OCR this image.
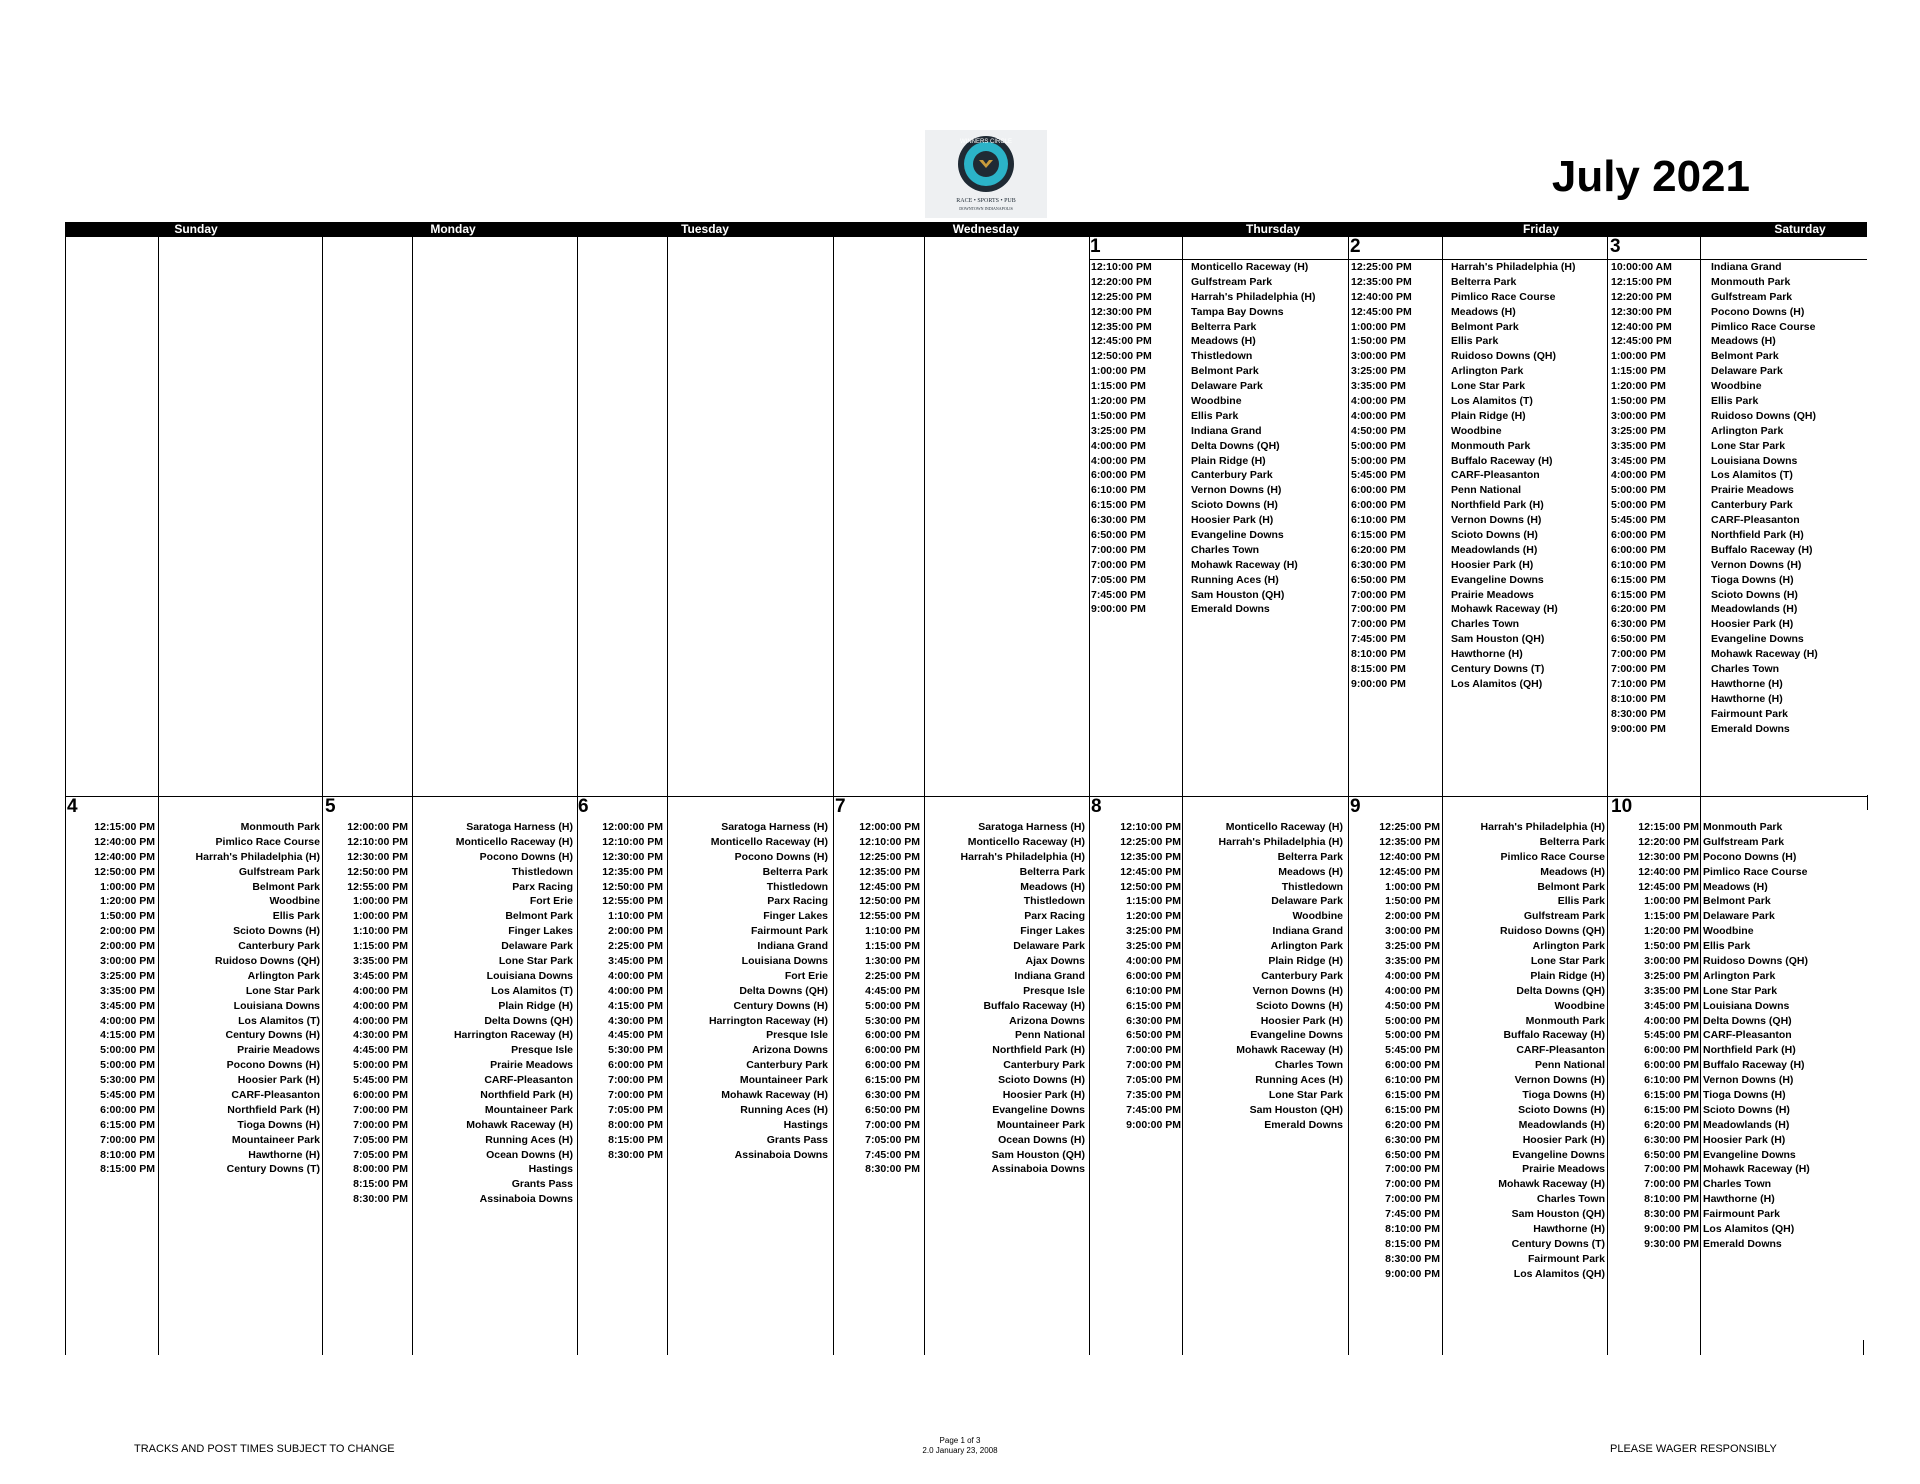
WINNERS CIRCLE
RACE • SPORTS • PUB
DOWNTOWN INDIANAPOLIS
July 2021
Sunday	Monday	Tuesday	Wednesday	Thursday	Friday	Saturday
1
12:10:00 PM	Monticello Raceway (H)
12:20:00 PM	Gulfstream Park
12:25:00 PM	Harrah's Philadelphia (H)
12:30:00 PM	Tampa Bay Downs
12:35:00 PM	Belterra Park
12:45:00 PM	Meadows (H)
12:50:00 PM	Thistledown
1:00:00 PM	Belmont Park
1:15:00 PM	Delaware Park
1:20:00 PM	Woodbine
1:50:00 PM	Ellis Park
3:25:00 PM	Indiana Grand
4:00:00 PM	Delta Downs (QH)
4:00:00 PM	Plain Ridge (H)
6:00:00 PM	Canterbury Park
6:10:00 PM	Vernon Downs (H)
6:15:00 PM	Scioto Downs (H)
6:30:00 PM	Hoosier Park (H)
6:50:00 PM	Evangeline Downs
7:00:00 PM	Charles Town
7:00:00 PM	Mohawk Raceway (H)
7:05:00 PM	Running Aces (H)
7:45:00 PM	Sam Houston (QH)
9:00:00 PM	Emerald Downs
2
12:25:00 PM	Harrah's Philadelphia (H)
12:35:00 PM	Belterra Park
12:40:00 PM	Pimlico Race Course
12:45:00 PM	Meadows (H)
1:00:00 PM	Belmont Park
1:50:00 PM	Ellis Park
3:00:00 PM	Ruidoso Downs (QH)
3:25:00 PM	Arlington Park
3:35:00 PM	Lone Star Park
4:00:00 PM	Los Alamitos (T)
4:00:00 PM	Plain Ridge (H)
4:50:00 PM	Woodbine
5:00:00 PM	Monmouth Park
5:00:00 PM	Buffalo Raceway (H)
5:45:00 PM	CARF-Pleasanton
6:00:00 PM	Penn National
6:00:00 PM	Northfield Park (H)
6:10:00 PM	Vernon Downs (H)
6:15:00 PM	Scioto Downs (H)
6:20:00 PM	Meadowlands (H)
6:30:00 PM	Hoosier Park (H)
6:50:00 PM	Evangeline Downs
7:00:00 PM	Prairie Meadows
7:00:00 PM	Mohawk Raceway (H)
7:00:00 PM	Charles Town
7:45:00 PM	Sam Houston (QH)
8:10:00 PM	Hawthorne (H)
8:15:00 PM	Century Downs (T)
9:00:00 PM	Los Alamitos (QH)
3
10:00:00 AM	Indiana Grand
12:15:00 PM	Monmouth Park
12:20:00 PM	Gulfstream Park
12:30:00 PM	Pocono Downs (H)
12:40:00 PM	Pimlico Race Course
12:45:00 PM	Meadows (H)
1:00:00 PM	Belmont Park
1:15:00 PM	Delaware Park
1:20:00 PM	Woodbine
1:50:00 PM	Ellis Park
3:00:00 PM	Ruidoso Downs (QH)
3:25:00 PM	Arlington Park
3:35:00 PM	Lone Star Park
3:45:00 PM	Louisiana Downs
4:00:00 PM	Los Alamitos (T)
5:00:00 PM	Prairie Meadows
5:00:00 PM	Canterbury Park
5:45:00 PM	CARF-Pleasanton
6:00:00 PM	Northfield Park (H)
6:00:00 PM	Buffalo Raceway (H)
6:10:00 PM	Vernon Downs (H)
6:15:00 PM	Tioga Downs (H)
6:15:00 PM	Scioto Downs (H)
6:20:00 PM	Meadowlands (H)
6:30:00 PM	Hoosier Park (H)
6:50:00 PM	Evangeline Downs
7:00:00 PM	Mohawk Raceway (H)
7:00:00 PM	Charles Town
7:10:00 PM	Hawthorne (H)
8:10:00 PM	Hawthorne (H)
8:30:00 PM	Fairmount Park
9:00:00 PM	Emerald Downs
4
12:15:00 PM	Monmouth Park
12:40:00 PM	Pimlico Race Course
12:40:00 PM	Harrah's Philadelphia (H)
12:50:00 PM	Gulfstream Park
1:00:00 PM	Belmont Park
1:20:00 PM	Woodbine
1:50:00 PM	Ellis Park
2:00:00 PM	Scioto Downs (H)
2:00:00 PM	Canterbury Park
3:00:00 PM	Ruidoso Downs (QH)
3:25:00 PM	Arlington Park
3:35:00 PM	Lone Star Park
3:45:00 PM	Louisiana Downs
4:00:00 PM	Los Alamitos (T)
4:15:00 PM	Century Downs (H)
5:00:00 PM	Prairie Meadows
5:00:00 PM	Pocono Downs (H)
5:30:00 PM	Hoosier Park (H)
5:45:00 PM	CARF-Pleasanton
6:00:00 PM	Northfield Park (H)
6:15:00 PM	Tioga Downs (H)
7:00:00 PM	Mountaineer Park
8:10:00 PM	Hawthorne (H)
8:15:00 PM	Century Downs (T)
5
12:00:00 PM	Saratoga Harness (H)
12:10:00 PM	Monticello Raceway (H)
12:30:00 PM	Pocono Downs (H)
12:50:00 PM	Thistledown
12:55:00 PM	Parx Racing
1:00:00 PM	Fort Erie
1:00:00 PM	Belmont Park
1:10:00 PM	Finger Lakes
1:15:00 PM	Delaware Park
3:35:00 PM	Lone Star Park
3:45:00 PM	Louisiana Downs
4:00:00 PM	Los Alamitos (T)
4:00:00 PM	Plain Ridge (H)
4:00:00 PM	Delta Downs (QH)
4:30:00 PM	Harrington Raceway (H)
4:45:00 PM	Presque Isle
5:00:00 PM	Prairie Meadows
5:45:00 PM	CARF-Pleasanton
6:00:00 PM	Northfield Park (H)
7:00:00 PM	Mountaineer Park
7:00:00 PM	Mohawk Raceway (H)
7:05:00 PM	Running Aces (H)
7:05:00 PM	Ocean Downs (H)
8:00:00 PM	Hastings
8:15:00 PM	Grants Pass
8:30:00 PM	Assinaboia Downs
6
12:00:00 PM	Saratoga Harness (H)
12:10:00 PM	Monticello Raceway (H)
12:30:00 PM	Pocono Downs (H)
12:35:00 PM	Belterra Park
12:50:00 PM	Thistledown
12:55:00 PM	Parx Racing
1:10:00 PM	Finger Lakes
2:00:00 PM	Fairmount Park
2:25:00 PM	Indiana Grand
3:45:00 PM	Louisiana Downs
4:00:00 PM	Fort Erie
4:00:00 PM	Delta Downs (QH)
4:15:00 PM	Century Downs (H)
4:30:00 PM	Harrington Raceway (H)
4:45:00 PM	Presque Isle
5:30:00 PM	Arizona Downs
6:00:00 PM	Canterbury Park
7:00:00 PM	Mountaineer Park
7:00:00 PM	Mohawk Raceway (H)
7:05:00 PM	Running Aces (H)
8:00:00 PM	Hastings
8:15:00 PM	Grants Pass
8:30:00 PM	Assinaboia Downs
7
12:00:00 PM	Saratoga Harness (H)
12:10:00 PM	Monticello Raceway (H)
12:25:00 PM	Harrah's Philadelphia (H)
12:35:00 PM	Belterra Park
12:45:00 PM	Meadows (H)
12:50:00 PM	Thistledown
12:55:00 PM	Parx Racing
1:10:00 PM	Finger Lakes
1:15:00 PM	Delaware Park
1:30:00 PM	Ajax Downs
2:25:00 PM	Indiana Grand
4:45:00 PM	Presque Isle
5:00:00 PM	Buffalo Raceway (H)
5:30:00 PM	Arizona Downs
6:00:00 PM	Penn National
6:00:00 PM	Northfield Park (H)
6:00:00 PM	Canterbury Park
6:15:00 PM	Scioto Downs (H)
6:30:00 PM	Hoosier Park (H)
6:50:00 PM	Evangeline Downs
7:00:00 PM	Mountaineer Park
7:05:00 PM	Ocean Downs (H)
7:45:00 PM	Sam Houston (QH)
8:30:00 PM	Assinaboia Downs
8
12:10:00 PM	Monticello Raceway (H)
12:25:00 PM	Harrah's Philadelphia (H)
12:35:00 PM	Belterra Park
12:45:00 PM	Meadows (H)
12:50:00 PM	Thistledown
1:15:00 PM	Delaware Park
1:20:00 PM	Woodbine
3:25:00 PM	Indiana Grand
3:25:00 PM	Arlington Park
4:00:00 PM	Plain Ridge (H)
6:00:00 PM	Canterbury Park
6:10:00 PM	Vernon Downs (H)
6:15:00 PM	Scioto Downs (H)
6:30:00 PM	Hoosier Park (H)
6:50:00 PM	Evangeline Downs
7:00:00 PM	Mohawk Raceway (H)
7:00:00 PM	Charles Town
7:05:00 PM	Running Aces (H)
7:35:00 PM	Lone Star Park
7:45:00 PM	Sam Houston (QH)
9:00:00 PM	Emerald Downs
9
12:25:00 PM	Harrah's Philadelphia (H)
12:35:00 PM	Belterra Park
12:40:00 PM	Pimlico Race Course
12:45:00 PM	Meadows (H)
1:00:00 PM	Belmont Park
1:50:00 PM	Ellis Park
2:00:00 PM	Gulfstream Park
3:00:00 PM	Ruidoso Downs (QH)
3:25:00 PM	Arlington Park
3:35:00 PM	Lone Star Park
4:00:00 PM	Plain Ridge (H)
4:00:00 PM	Delta Downs (QH)
4:50:00 PM	Woodbine
5:00:00 PM	Monmouth Park
5:00:00 PM	Buffalo Raceway (H)
5:45:00 PM	CARF-Pleasanton
6:00:00 PM	Penn National
6:10:00 PM	Vernon Downs (H)
6:15:00 PM	Tioga Downs (H)
6:15:00 PM	Scioto Downs (H)
6:20:00 PM	Meadowlands (H)
6:30:00 PM	Hoosier Park (H)
6:50:00 PM	Evangeline Downs
7:00:00 PM	Prairie Meadows
7:00:00 PM	Mohawk Raceway (H)
7:00:00 PM	Charles Town
7:45:00 PM	Sam Houston (QH)
8:10:00 PM	Hawthorne (H)
8:15:00 PM	Century Downs (T)
8:30:00 PM	Fairmount Park
9:00:00 PM	Los Alamitos (QH)
10
12:15:00 PM Monmouth Park
12:20:00 PM Gulfstream Park
12:30:00 PM Pocono Downs (H)
12:40:00 PM Pimlico Race Course
12:45:00 PM Meadows (H)
1:00:00 PM Belmont Park
1:15:00 PM Delaware Park
1:20:00 PM Woodbine
1:50:00 PM Ellis Park
3:00:00 PM Ruidoso Downs (QH)
3:25:00 PM Arlington Park
3:35:00 PM Lone Star Park
3:45:00 PM Louisiana Downs
4:00:00 PM Delta Downs (QH)
5:45:00 PM CARF-Pleasanton
6:00:00 PM Northfield Park (H)
6:00:00 PM Buffalo Raceway (H)
6:10:00 PM Vernon Downs (H)
6:15:00 PM Tioga Downs (H)
6:15:00 PM Scioto Downs (H)
6:20:00 PM Meadowlands (H)
6:30:00 PM Hoosier Park (H)
6:50:00 PM Evangeline Downs
7:00:00 PM Mohawk Raceway (H)
7:00:00 PM Charles Town
8:10:00 PM Hawthorne (H)
8:30:00 PM Fairmount Park
9:00:00 PM Los Alamitos (QH)
9:30:00 PM Emerald Downs
TRACKS AND POST TIMES SUBJECT TO CHANGE
Page 1 of 3
2.0 January 23, 2008	PLEASE WAGER RESPONSIBLY
